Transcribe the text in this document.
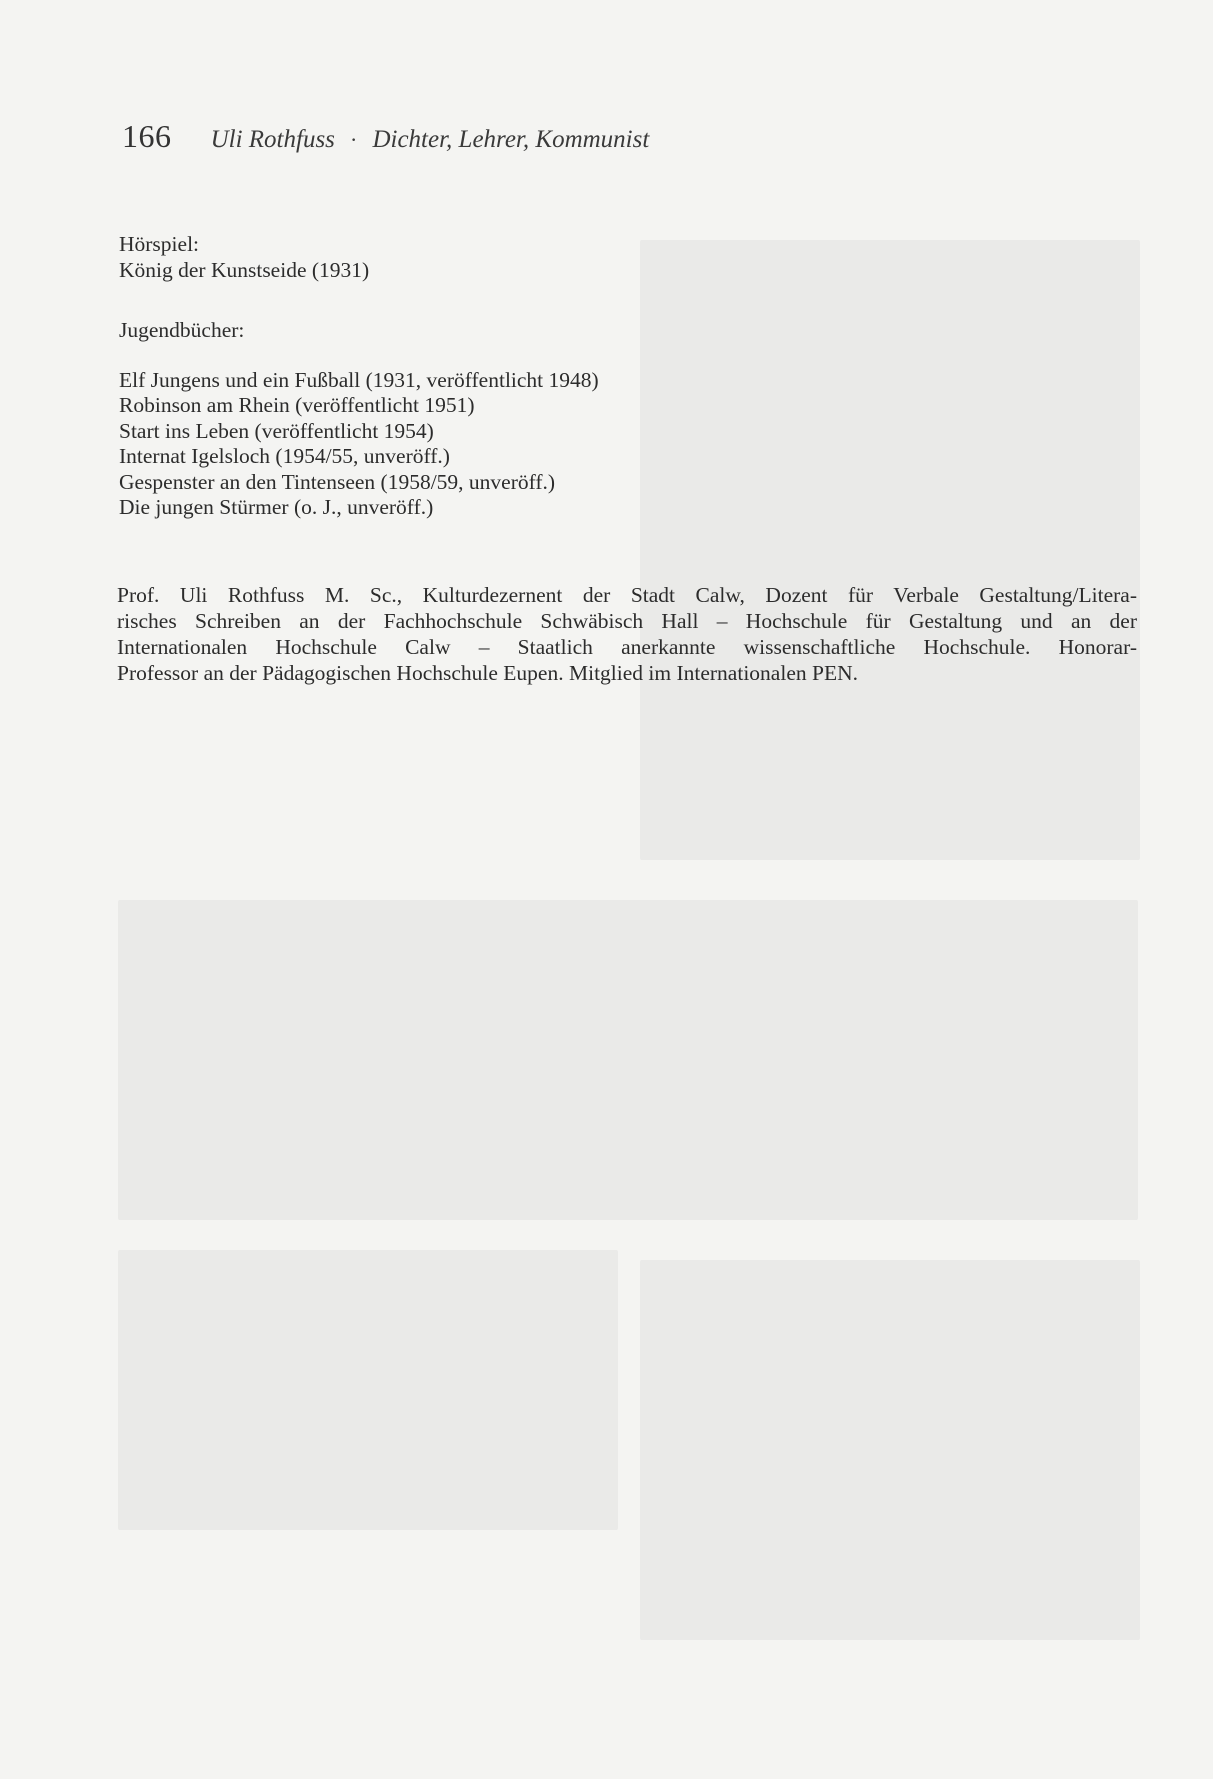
166 Uli Rothfuss · Dichter, Lehrer, Kommunist
Hörspiel:
König der Kunstseide (1931)
Jugendbücher:
Elf Jungens und ein Fußball (1931, veröffentlicht 1948)
Robinson am Rhein (veröffentlicht 1951)
Start ins Leben (veröffentlicht 1954)
Internat Igelsloch (1954/55, unveröff.)
Gespenster an den Tintenseen (1958/59, unveröff.)
Die jungen Stürmer (o. J., unveröff.)
Prof. Uli Rothfuss M. Sc., Kulturdezernent der Stadt Calw, Dozent für Verbale Gestaltung/Litera-
risches Schreiben an der Fachhochschule Schwäbisch Hall – Hochschule für Gestaltung und an der
Internationalen Hochschule Calw – Staatlich anerkannte wissenschaftliche Hochschule. Honorar-
Professor an der Pädagogischen Hochschule Eupen. Mitglied im Internationalen PEN.
